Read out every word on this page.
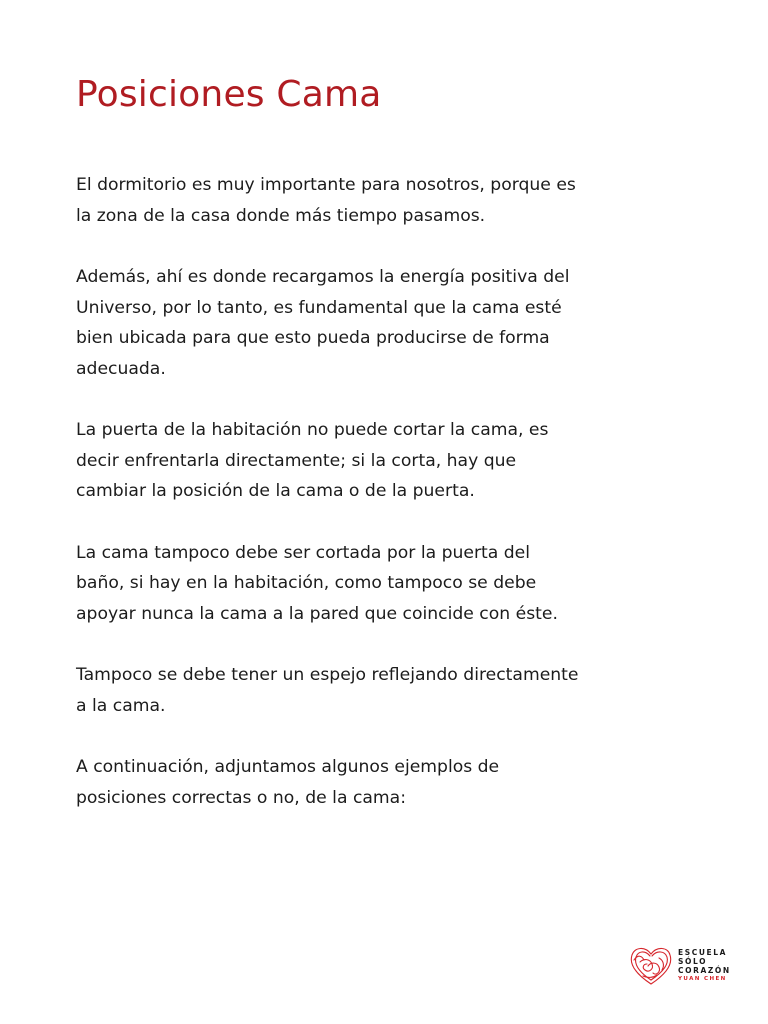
Posiciones Cama

El dormitorio es muy importante para nosotros, porque es
la zona de la casa donde más tiempo pasamos.

Además, ahí es donde recargamos la energía positiva del
Universo, por lo tanto, es fundamental que la cama esté
bien ubicada para que esto pueda producirse de forma
adecuada.

La puerta de la habitación no puede cortar la cama, es
decir enfrentarla directamente; si la corta, hay que
cambiar la posición de la cama o de la puerta.

La cama tampoco debe ser cortada por la puerta del
baño, si hay en la habitación, como tampoco se debe
apoyar nunca la cama a la pared que coincide con éste.

Tampoco se debe tener un espejo reflejando directamente
a la cama.

A continuación, adjuntamos algunos ejemplos de
posiciones correctas o no, de la cama:

ESCUELA
SÓLO
CORAZÓN
YUAN CHEN
